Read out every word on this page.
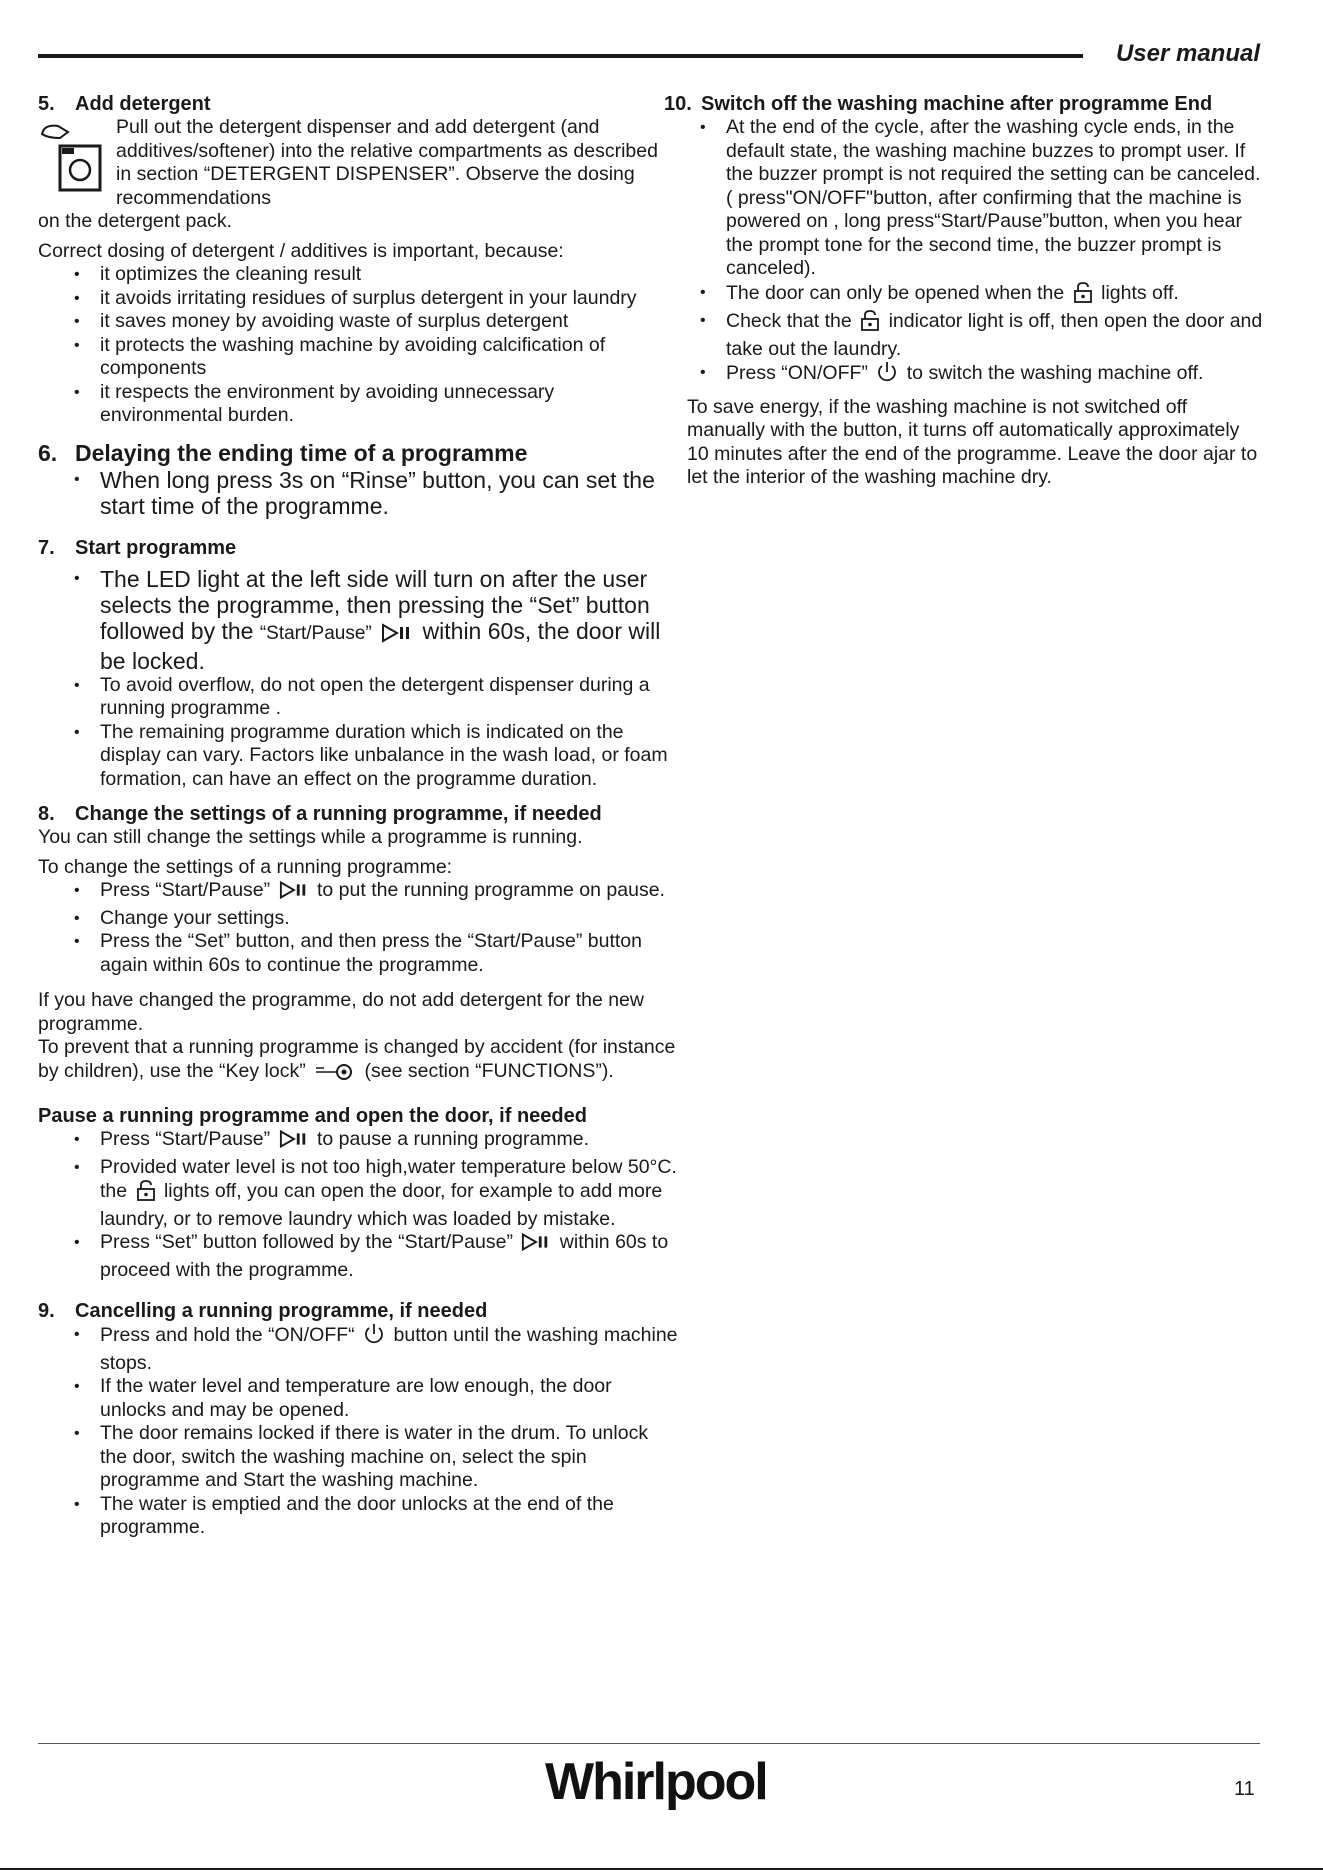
User manual
5.	Add detergent

Pull out the detergent dispenser and add detergent (and additives/softener) into the relative compartments as described in section “DETERGENT DISPENSER”. Observe the dosing recommendations

on the detergent pack.

Correct dosing of detergent / additives is important, because:

• it optimizes the cleaning result
• it avoids irritating residues of surplus detergent in your laundry
• it saves money by avoiding waste of surplus detergent
• it protects the washing machine by avoiding calcification of components
• it respects the environment by avoiding unnecessary environmental burden.
6. Delaying the ending time of a programme
• When long press 3s on “Rinse” button, you can set the start time of the programme.
7.	Start programme
• The LED light at the left side will turn on after the user selects the programme, then pressing the “Set” button followed by the “Start/Pause” within 60s, the door will be locked.
• To avoid overflow, do not open the detergent dispenser during a running programme .
• The remaining programme duration which is indicated on the display can vary. Factors like unbalance in the wash load, or foam formation, can have an effect on the programme duration.
8.	Change the settings of a running programme, if needed

You can still change the settings while a programme is running.

To change the settings of a running programme:

• Press “Start/Pause” to put the running programme on pause.
• Change your settings.
• Press the “Set” button, and then press the “Start/Pause” button again within 60s to continue the programme.

If you have changed the programme, do not add detergent for the new programme.

To prevent that a running programme is changed by accident (for instance by children), use the “Key lock”	(see section “FUNCTIONS”).

Pause a running programme and open the door, if needed
• Press “Start/Pause” to pause a running programme.
• Provided water level is not too high,water temperature below 50°C. the lights off, you can open the door, for example to add more laundry, or to remove laundry which was loaded by mistake.
• Press “Set” button followed by the “Start/Pause” within 60s to proceed with the programme.
9.	Cancelling a running programme, if needed
• Press and hold the “ON/OFF“ button until the washing machine stops.
• If the water level and temperature are low enough, the door unlocks and may be opened.
• The door remains locked if there is water in the drum. To unlock the door, switch the washing machine on, select the spin programme and Start the washing machine.
• The water is emptied and the door unlocks at the end of the programme.
10. Switch off the washing machine after programme End
• At the end of the cycle, after the washing cycle ends, in the default state, the washing machine buzzes to prompt user. If the buzzer prompt is not required the setting can be canceled. ( press"ON/OFF"button, after confirming that the machine is powered on , long press“Start/Pause”button, when you hear the prompt tone for the second time, the buzzer prompt is canceled).
• The door can only be opened when the lights off.
• Check that the indicator light is off, then open the door and take out the laundry.
• Press “ON/OFF” to switch the washing machine off.

To save energy, if the washing machine is not switched off manually with the button, it turns off automatically approximately 10 minutes after the end of the programme. Leave the door ajar to let the interior of the washing machine dry.

Whirlpool	11
